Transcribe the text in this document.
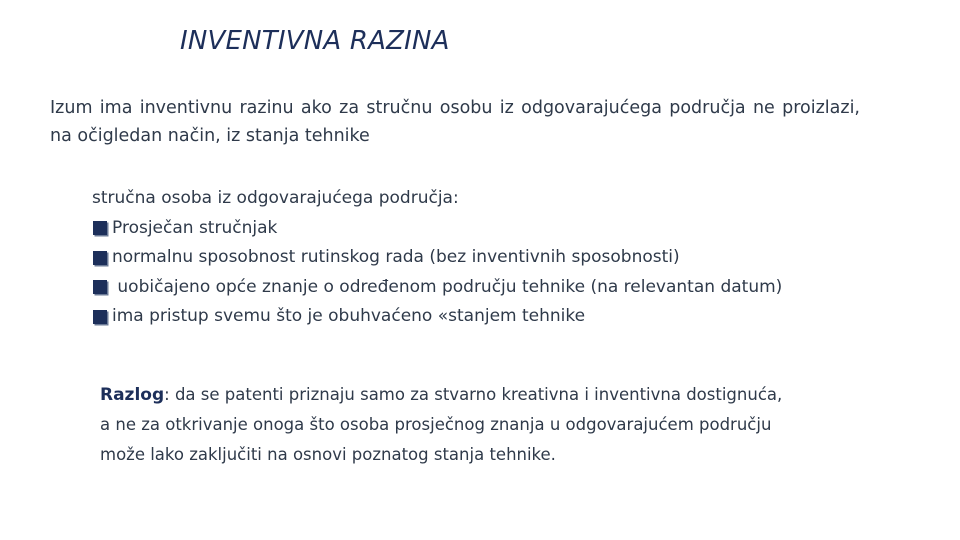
INVENTIVNA RAZINA
Izum ima inventivnu razinu ako za stručnu osobu iz odgovarajućega područja ne proizlazi, na očigledan način, iz stanja tehnike
stručna osoba iz odgovarajućega područja:
Prosječan stručnjak
normalnu sposobnost rutinskog rada (bez inventivnih sposobnosti)
uobičajeno opće znanje o određenom području tehnike (na relevantan datum)
ima pristup svemu što je obuhvaćeno «stanjem tehnike
Razlog: da se patenti priznaju samo za stvarno kreativna i inventivna dostignuća,
a ne za otkrivanje onoga što osoba prosječnog znanja u odgovarajućem području
može lako zaključiti na osnovi poznatog stanja tehnike.
